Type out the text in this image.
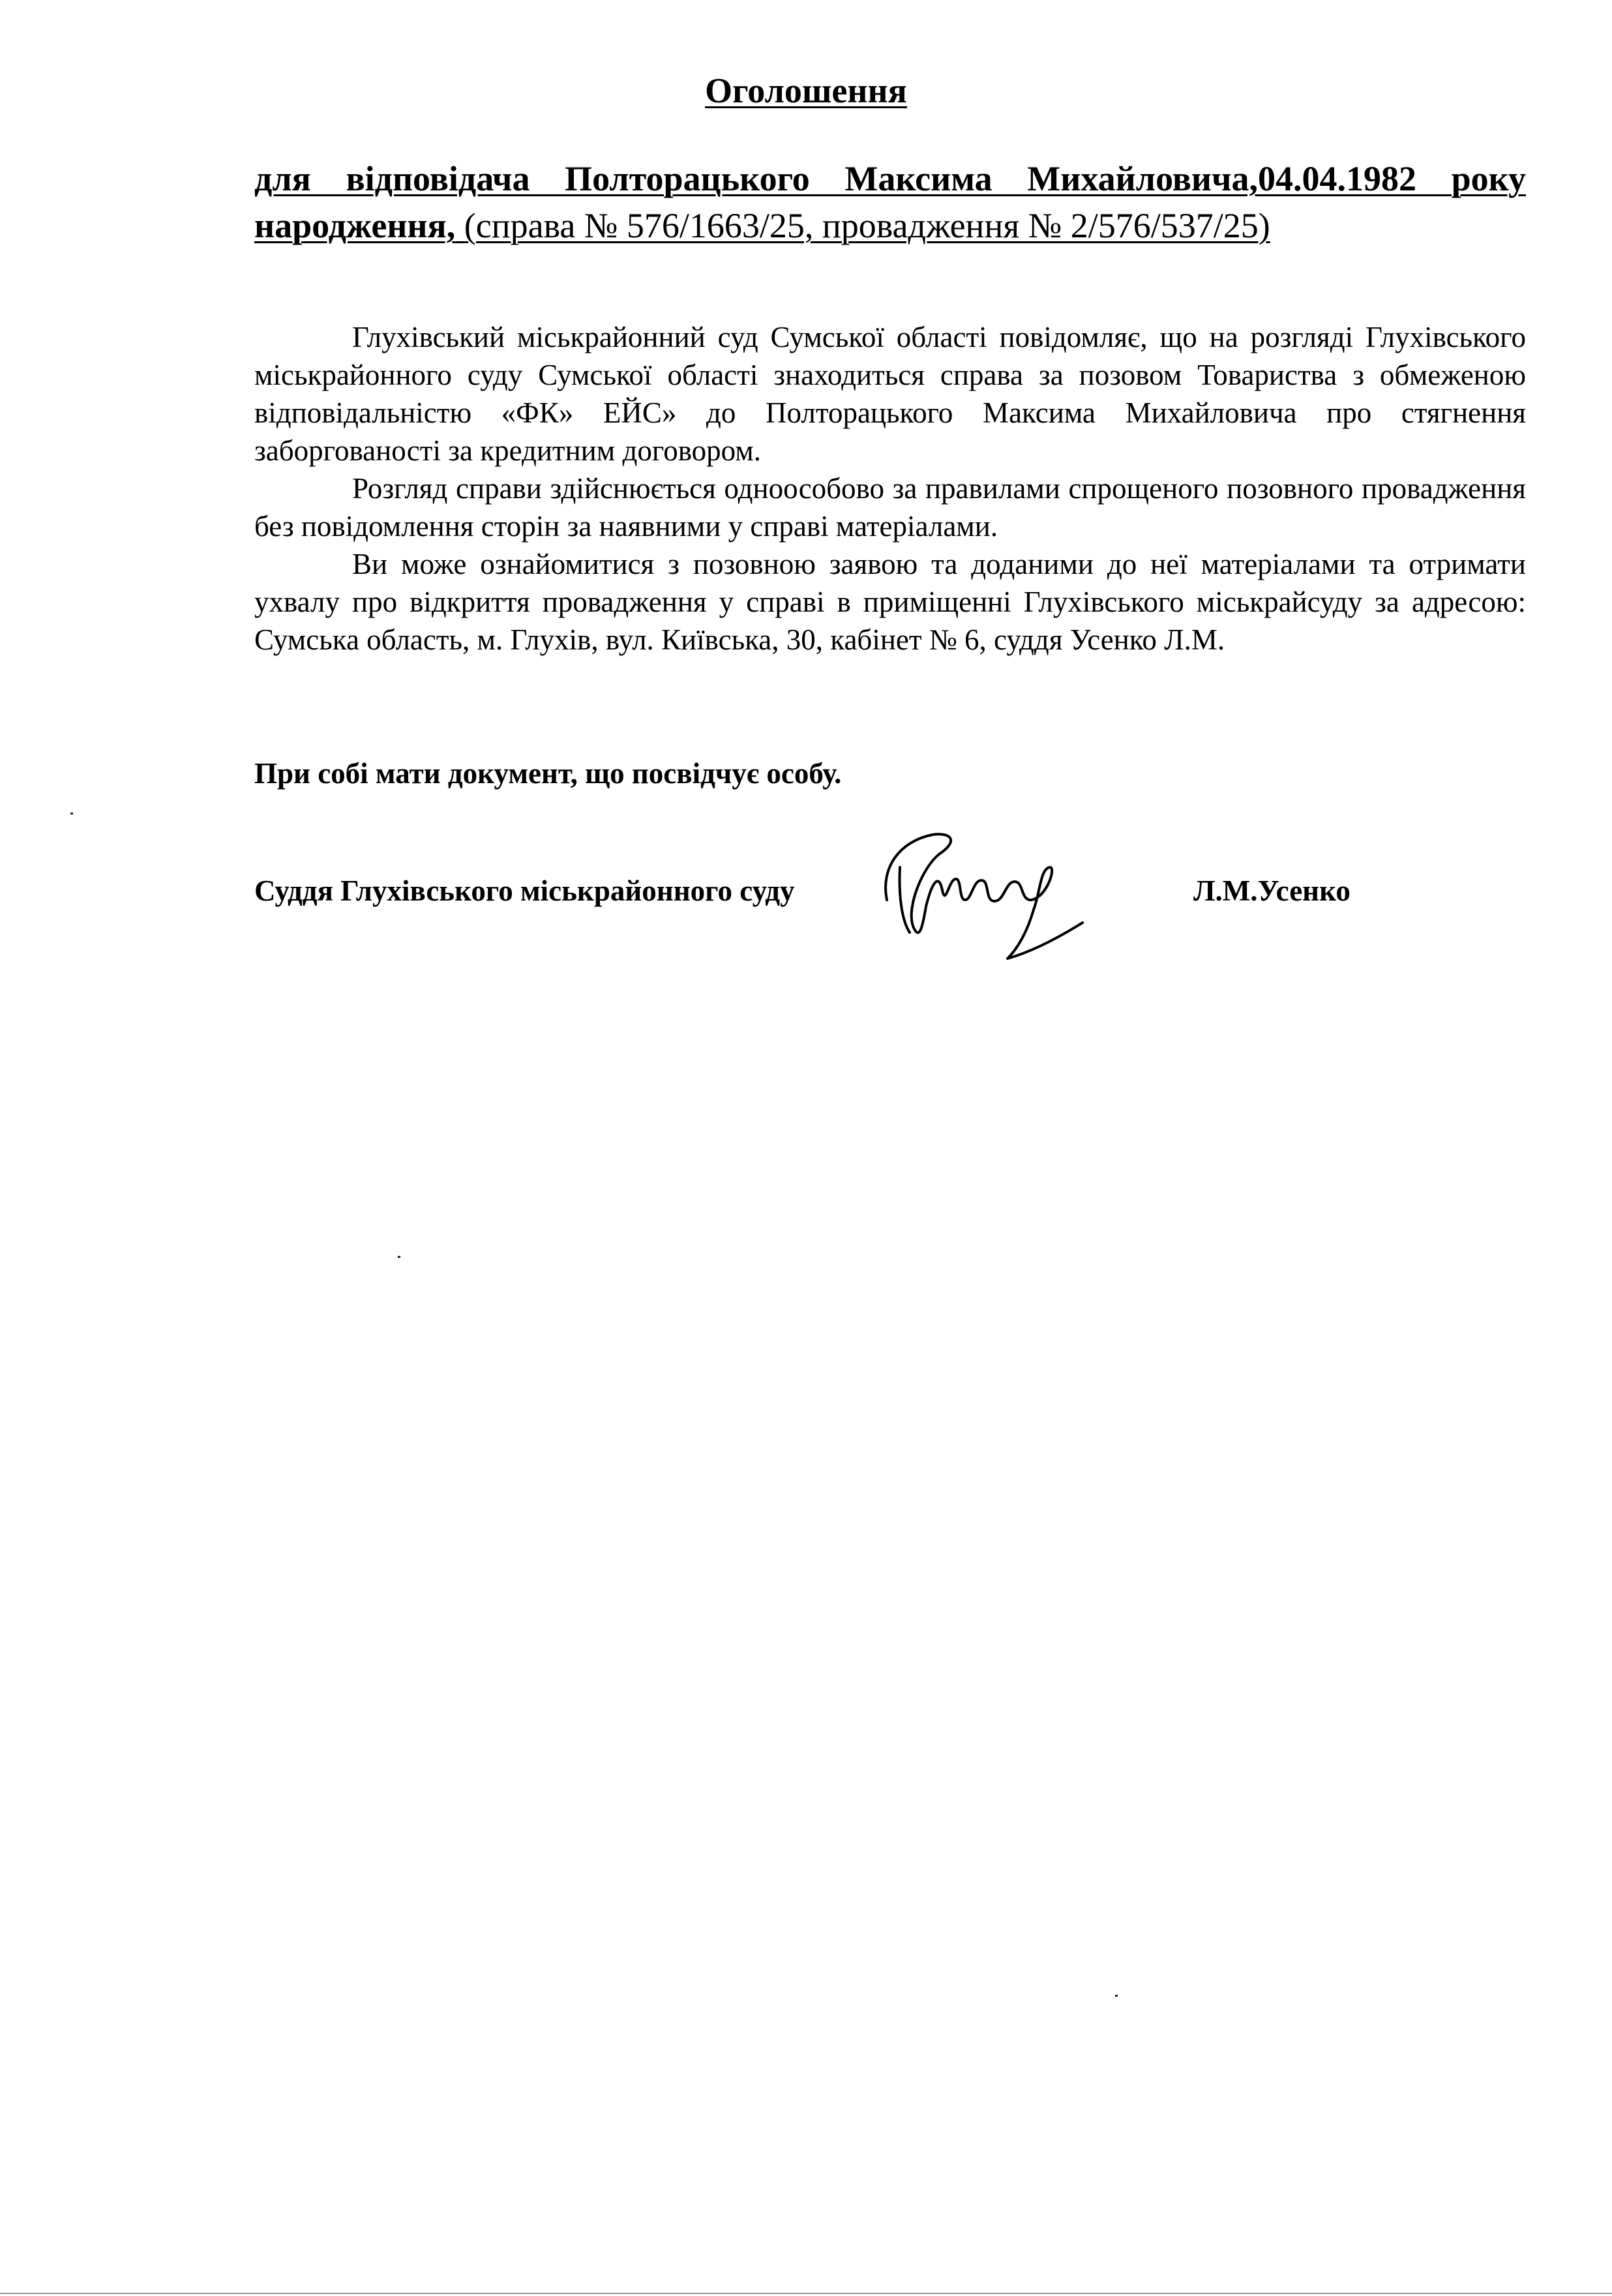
Оголошення
для відповідача Полторацького Максима Михайловича,04.04.1982 року народження, (справа № 576/1663/25, провадження № 2/576/537/25)

Глухівський міськрайонний суд Сумської області повідомляє, що на розгляді Глухівського міськрайонного суду Сумської області знаходиться справа за позовом Товариства з обмеженою відповідальністю «ФК» ЕЙС» до Полторацького Максима Михайловича про стягнення заборгованості за кредитним договором.

Розгляд справи здійснюється одноособово за правилами спрощеного позовного провадження без повідомлення сторін за наявними у справі матеріалами.

Ви може ознайомитися з позовною заявою та доданими до неї матеріалами та отримати ухвалу про відкриття провадження у справі в приміщенні Глухівського міськрайсуду за адресою: Сумська область, м. Глухів, вул. Київська, 30, кабінет № 6, суддя Усенко Л.М.

При собі мати документ, що посвідчує особу.
Суддя Глухівського міськрайонного суду	Л.М.Усенко
